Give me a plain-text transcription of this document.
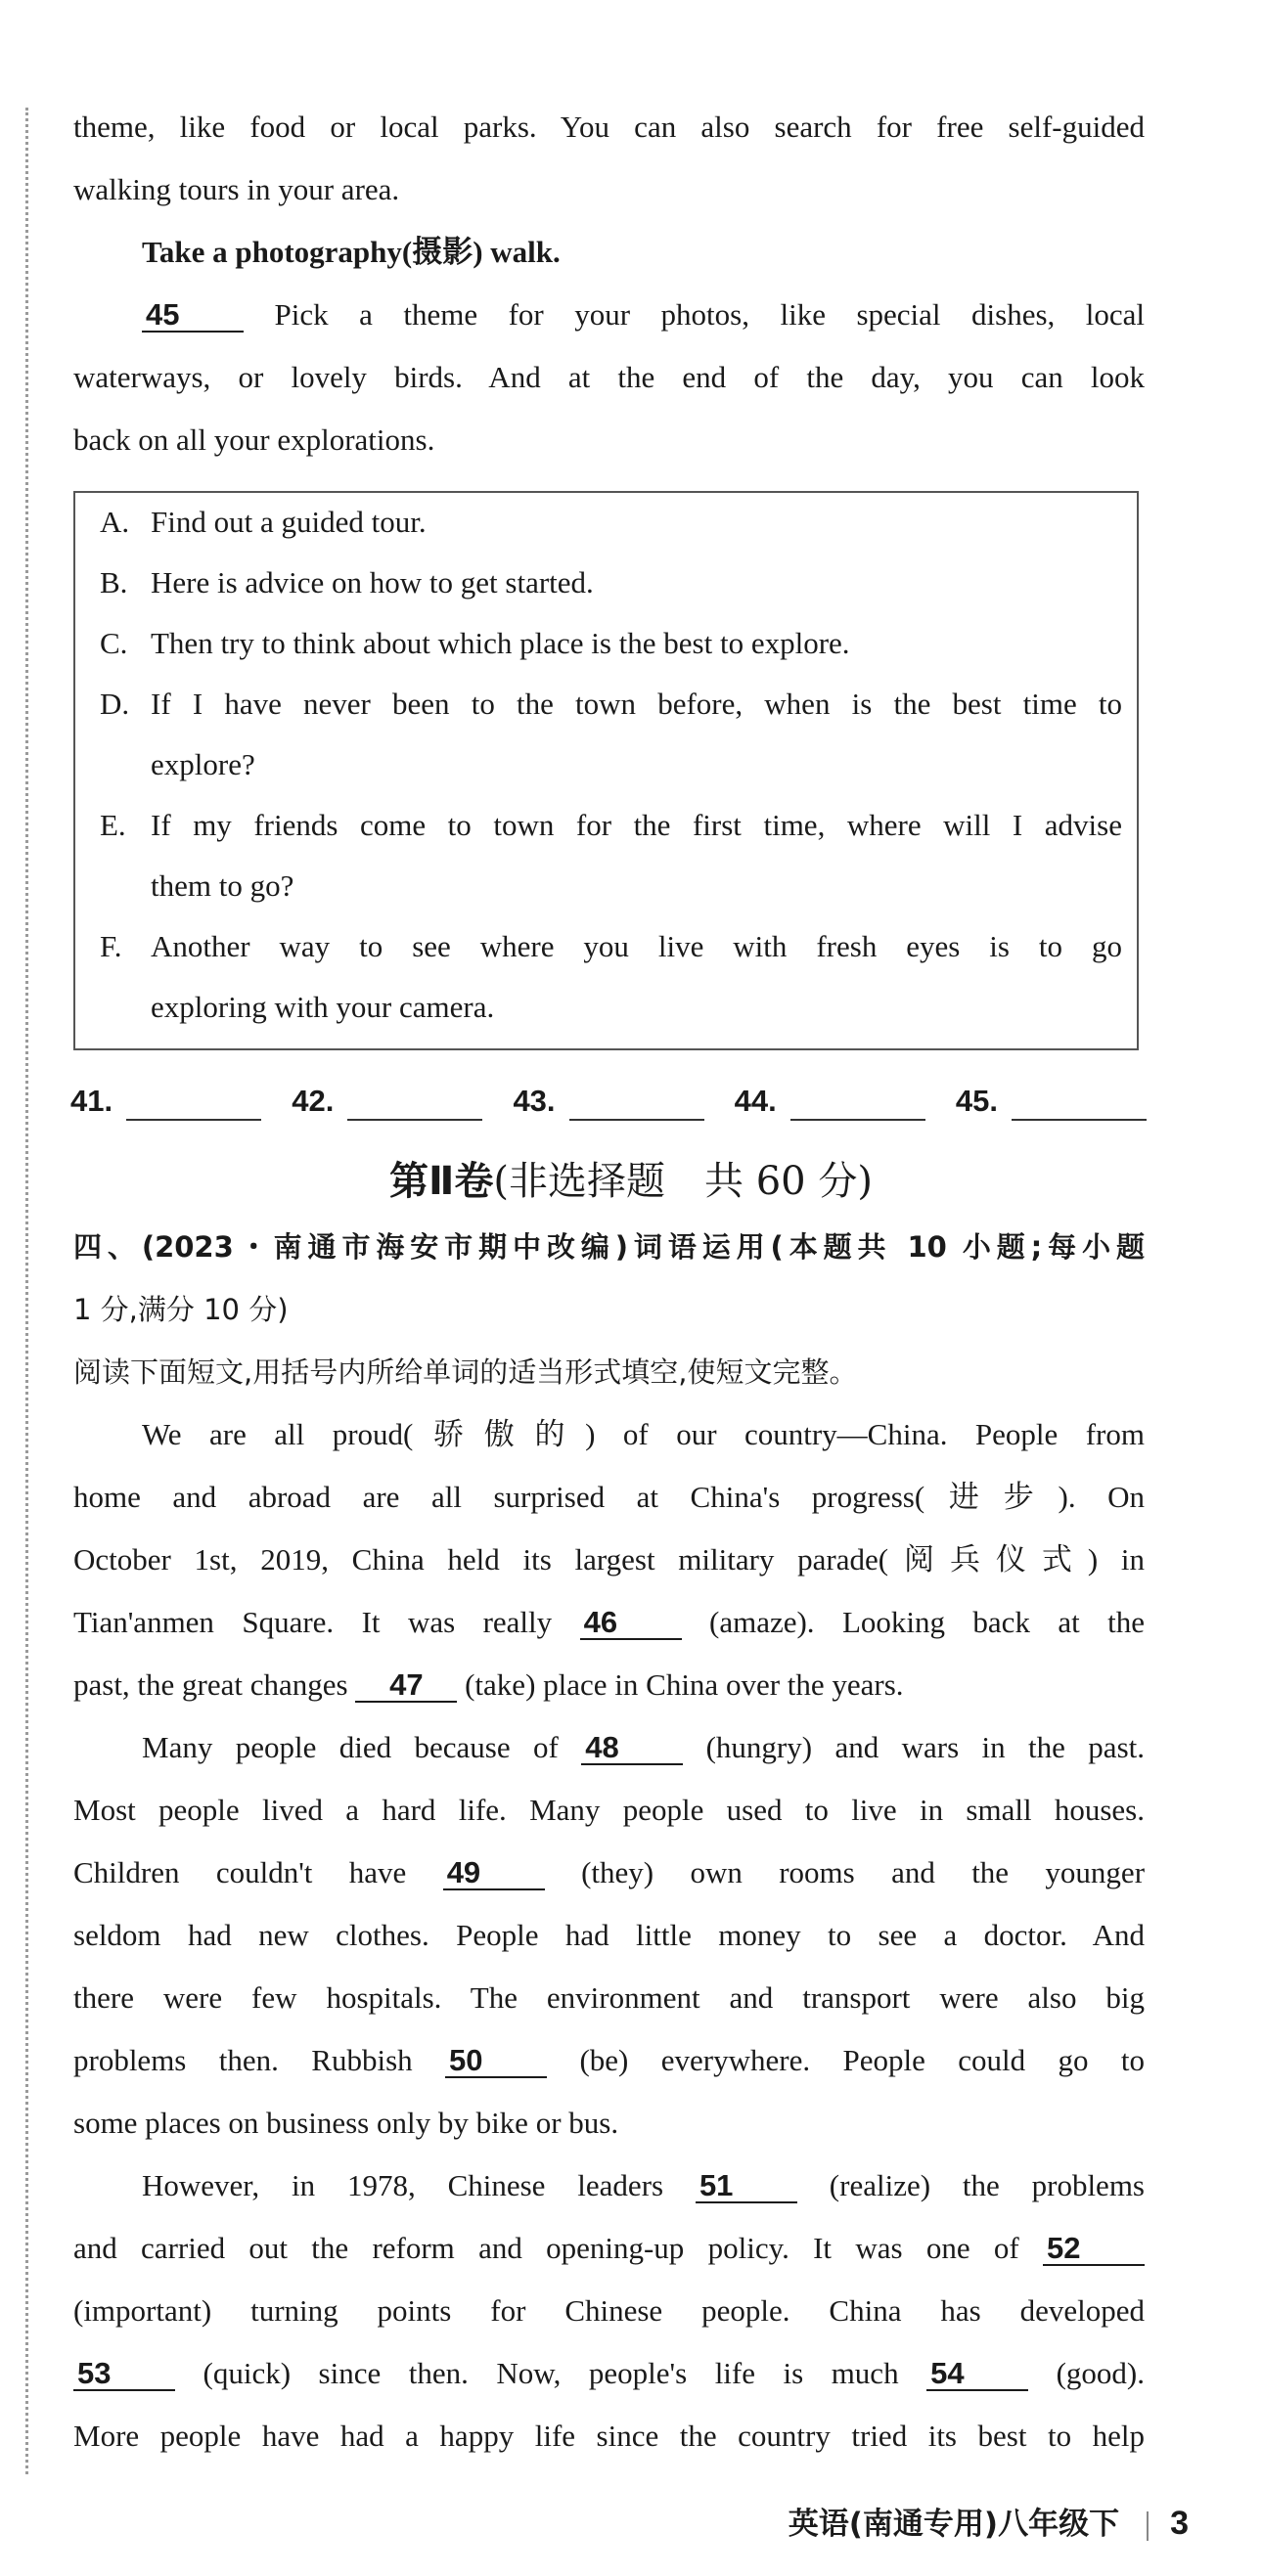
theme, like food or local parks. You can also search for free self-guided
walking tours in your area.
Take a photography(摄影) walk.
45	Pick a theme for your photos, like special dishes, local
waterways, or lovely birds. And at the end of the day, you can look
back on all your explorations.
A. Find out a guided tour.
B. Here is advice on how to get started.
C. Then try to think about which place is the best to explore.
D. If I have never been to the town before, when is the best time to
explore?
E. If my friends come to town for the first time, where will I advise
them to go?
F. Another way to see where you live with fresh eyes is to go
exploring with your camera.
41.	42.	43.	44.	45.
第Ⅱ卷(非选择题　共 60 分)
四、(2023・南通市海安市期中改编)词语运用(本题共 10 小题;每小题
1 分,满分 10 分)
阅读下面短文,用括号内所给单词的适当形式填空,使短文完整。
We are all proud(骄傲的) of our country—China. People from
home and abroad are all surprised at China's progress(进步). On
October 1st, 2019, China held its largest military parade(阅兵仪式) in
Tian'anmen Square. It was really 46	(amaze). Looking back at the
past, the great changes 47 (take) place in China over the years.
Many people died because of 48	(hungry) and wars in the past.
Most people lived a hard life. Many people used to live in small houses.
Children couldn't have 49	(they) own rooms and the younger
seldom had new clothes. People had little money to see a doctor. And
there were few hospitals. The environment and transport were also big
problems then. Rubbish 50	(be) everywhere. People could go to
some places on business only by bike or bus.
However, in 1978, Chinese leaders 51	(realize) the problems
and carried out the reform and opening-up policy. It was one of 52
(important) turning points for Chinese people. China has developed
53	(quick) since then. Now, people's life is much 54	(good).
More people have had a happy life since the country tried its best to help
英语(南通专用)八年级下 3
